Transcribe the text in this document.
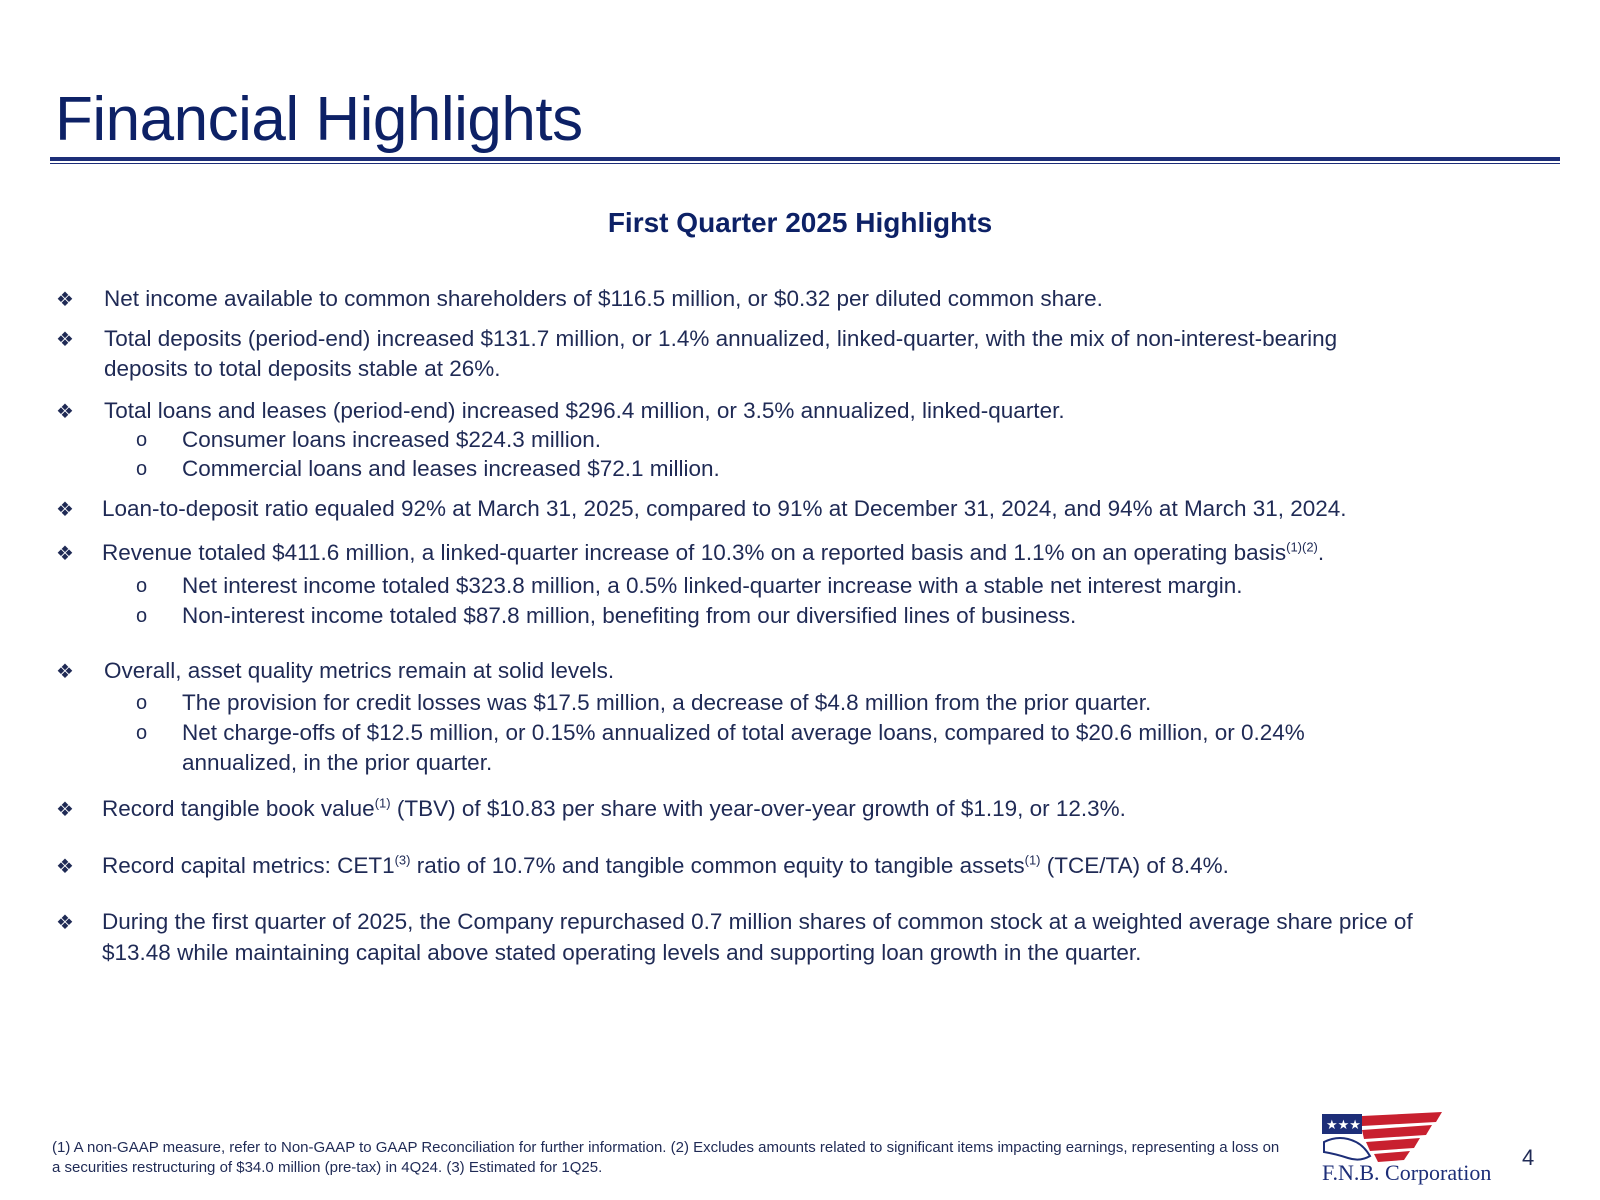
Financial Highlights
First Quarter 2025 Highlights
❖ Net income available to common shareholders of $116.5 million, or $0.32 per diluted common share.
❖ Total deposits (period-end) increased $131.7 million, or 1.4% annualized, linked-quarter, with the mix of non-interest-bearing
deposits to total deposits stable at 26%.
❖ Total loans and leases (period-end) increased $296.4 million, or 3.5% annualized, linked-quarter.
o Consumer loans increased $224.3 million.
o Commercial loans and leases increased $72.1 million.
❖ Loan-to-deposit ratio equaled 92% at March 31, 2025, compared to 91% at December 31, 2024, and 94% at March 31, 2024.
❖ Revenue totaled $411.6 million, a linked-quarter increase of 10.3% on a reported basis and 1.1% on an operating basis$^{(1)(2)}$.
o Net interest income totaled $323.8 million, a 0.5% linked-quarter increase with a stable net interest margin.
o Non-interest income totaled $87.8 million, benefiting from our diversified lines of business.
❖ Overall, asset quality metrics remain at solid levels.
o The provision for credit losses was $17.5 million, a decrease of $4.8 million from the prior quarter.
o Net charge-offs of $12.5 million, or 0.15% annualized of total average loans, compared to $20.6 million, or 0.24%
annualized, in the prior quarter.
❖ Record tangible book value$^{(1)}$ (TBV) of $10.83 per share with year-over-year growth of $1.19, or 12.3%.
❖ Record capital metrics: CET1$^{(3)}$ ratio of 10.7% and tangible common equity to tangible assets$^{(1)}$ (TCE/TA) of 8.4%.
❖ During the first quarter of 2025, the Company repurchased 0.7 million shares of common stock at a weighted average share price of
$13.48 while maintaining capital above stated operating levels and supporting loan growth in the quarter.
(1) A non-GAAP measure, refer to Non-GAAP to GAAP Reconciliation for further information. (2) Excludes amounts related to significant items impacting earnings, representing a loss on a securities restructuring of $34.0 million (pre-tax) in 4Q24. (3) Estimated for 1Q25.
★★★
F.N.B. Corporation
4
